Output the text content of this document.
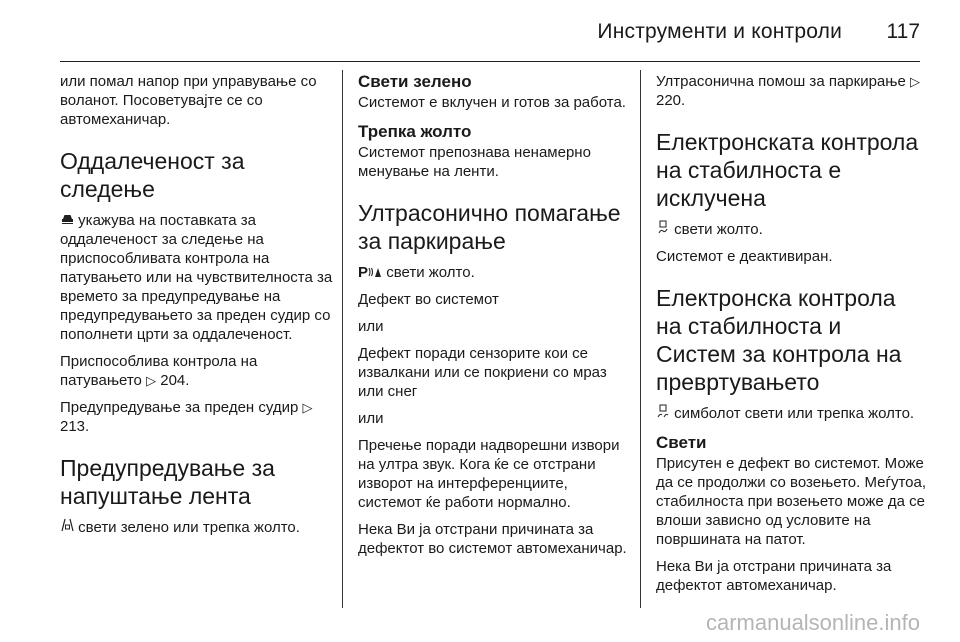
Инструменти и контроли 117

или помал напор при управување со воланот. Посоветувајте се со автомеханичар.

Оддалеченост за следење

укажува на поставката за оддалеченост за следење на приспособливата контрола на патувањето или на чувствителноста за времето за предупредување на предупредувањето за преден судир со пополнети црти за оддалеченост.

Приспособлива контрола на патувањето ▷ 204.

Предупредување за преден судир ▷ 213.

Предупредување за напуштање лента

свети зелено или трепка жолто.

Свети зелено

Системот е вклучен и готов за работа.

Трепка жолто

Системот препознава ненамерно менување на ленти.

Ултрасонично помагање за паркирање

P свети жолто.

Дефект во системот

или

Дефект поради сензорите кои се извалкани или се покриени со мраз или снег

или

Пречење поради надворешни извори на ултра звук. Кога ќе се отстрани изворот на интерференциите, системот ќе работи нормално.

Нека Ви ја отстрани причината за дефектот во системот автомеханичар.

Ултрасонична помош за паркирање ▷ 220.

Електронската контрола на стабилноста е исклучена

свети жолто.

Системот е деактивиран.

Електронска контрола на стабилноста и Систем за контрола на превртувањето

симболот свети или трепка жолто.

Свети

Присутен е дефект во системот. Може да се продолжи со возењето. Меѓутоа, стабилноста при возењето може да се влоши зависно од условите на површината на патот.

Нека Ви ја отстрани причината за дефектот автомеханичар.

carmanualsonline.info
